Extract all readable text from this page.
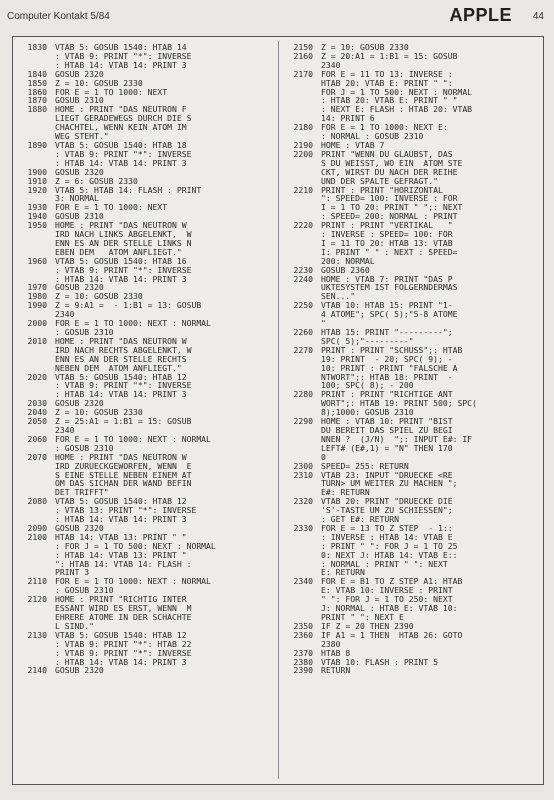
Computer Kontakt 5/84	APPLE 44
1830 VTAB 5: GOSUB 1540: HTAB 14
: VTAB 9: PRINT "*": INVERSE
: HTAB 14: VTAB 14: PRINT 3
1840 GOSUB 2320
1850 Z = 10: GOSUB 2330
1860 FOR E = 1 TO 1000: NEXT
1870 GOSUB 2310
1880 HOME : PRINT "DAS NEUTRON F
LIEGT GERADEWEGS DURCH DIE S
CHACHTEL, WENN KEIN ATOM IM
WEG STEHT."
1890 VTAB 5: GOSUB 1540: HTAB 18
: VTAB 9: PRINT "*": INVERSE
: HTAB 14: VTAB 14: PRINT 3
1900 GOSUB 2320
1910 Z = 6: GOSUB 2330
1920 VTAB 5: HTAB 14: FLASH : PRINT
3: NORMAL
1930 FOR E = 1 TO 1000: NEXT
1940 GOSUB 2310
1950 HOME : PRINT "DAS NEUTRON W
IRD NACH LINKS ABGELENKT,  W
ENN ES AN DER STELLE LINKS N
EBEN DEM   ATOM ANFLIEGT."
1960 VTAB 5: GOSUB 1540: HTAB 16
: VTAB 9: PRINT "*": INVERSE
: HTAB 14: VTAB 14: PRINT 3
1970 GOSUB 2320
1980 Z = 10: GOSUB 2330
1990 Z = 9:A1 =  - 1:B1 = 13: GOSUB
2340
2000 FOR E = 1 TO 1000: NEXT : NORMAL
: GOSUB 2310
2010 HOME : PRINT "DAS NEUTRON W
IRD NACH RECHTS ABGELENKT, W
ENN ES AN DER STELLE RECHTS
NEBEN DEM  ATOM ANFLIEGT."
2020 VTAB 5: GOSUB 1540: HTAB 12
: VTAB 9: PRINT "*": INVERSE
: HTAB 14: VTAB 14: PRINT 3
2030 GOSUB 2320
2040 Z = 10: GOSUB 2330
2050 Z = 25:A1 = 1:B1 = 15: GOSUB
2340
2060 FOR E = 1 TO 1000: NEXT : NORMAL
: GOSUB 2310
2070 HOME : PRINT "DAS NEUTRON W
IRD ZURUECKGEWORFEN, WENN  E
S EINE STELLE NEBEN EINEM AT
OM DAS SICHAN DER WAND BEFIN
DET TRIFFT"
2080 VTAB 5: GOSUB 1540: HTAB 12
: VTAB 13: PRINT "*": INVERSE
: HTAB 14: VTAB 14: PRINT 3
2090 GOSUB 2320
2100 HTAB 14: VTAB 13: PRINT " "
: FOR J = 1 TO 500: NEXT : NORMAL
: HTAB 14: VTAB 13: PRINT "
": HTAB 14: VTAB 14: FLASH :
PRINT 3
2110 FOR E = 1 TO 1000: NEXT : NORMAL
: GOSUB 2310
2120 HOME : PRINT "RICHTIG INTER
ESSANT WIRD ES ERST, WENN  M
EHRERE ATOME IN DER SCHACHTE
L SIND."
2130 VTAB 5: GOSUB 1540: HTAB 12
: VTAB 9: PRINT "*": HTAB 22
: VTAB 9: PRINT "*": INVERSE
: HTAB 14: VTAB 14: PRINT 3
2140 GOSUB 2320
2150 Z = 10: GOSUB 2330
2160 Z = 20:A1 = 1:B1 = 15: GOSUB
2340
2170 FOR E = 11 TO 13: INVERSE :
HTAB 20: VTAB E: PRINT " ":
FOR J = 1 TO 500: NEXT : NORMAL
: HTAB 20: VTAB E: PRINT " "
: NEXT E: FLASH : HTAB 20: VTAB
14: PRINT 6
2180 FOR E = 1 TO 1000: NEXT E:
: NORMAL : GOSUB 2310
2190 HOME : VTAB 7
2200 PRINT "WENN DU GLAUBST, DAS
S DU WEISST, WO EIN  ATOM STE
CKT, WIRST DU NACH DER REIHE
UND DER SPALTE GEFRAGT."
2210 PRINT : PRINT "HORIZONTAL
": SPEED= 100: INVERSE : FOR
I = 1 TO 20: PRINT " ";: NEXT
: SPEED= 200: NORMAL : PRINT
2220 PRINT : PRINT "VERTIKAL   "
: INVERSE : SPEED= 100: FOR
I = 11 TO 20: HTAB 13: VTAB
I: PRINT " " : NEXT : SPEED=
200: NORMAL
2230 GOSUB 2360
2240 HOME : VTAB 7: PRINT "DAS P
UKTESYSTEM IST FOLGERNDERMAS
SEN..."
2250 VTAB 10: HTAB 15: PRINT "1-
4 ATOME"; SPC( 5);"5-8 ATOME
"
2260 HTAB 15: PRINT "---------";
SPC( 5);"---------"
2270 PRINT : PRINT "SCHUSS";: HTAB
19: PRINT  - 20; SPC( 9); -
10: PRINT : PRINT "FALSCHE A
NTWORT";: HTAB 18: PRINT  -
100; SPC( 8); - 200
2280 PRINT : PRINT "RICHTIGE ANT
WORT";: HTAB 19: PRINT 500; SPC(
8);1000: GOSUB 2310
2290 HOME : VTAB 10: PRINT "BIST
DU BEREIT DAS SPIEL ZU BEGI
NNEN ?  (J/N)  ";: INPUT E#: IF
LEFT# (E#,1) = "N" THEN 170
0
2300 SPEED= 255: RETURN
2310 VTAB 23: INPUT "DRUECKE <RE
TURN> UM WEITER ZU MACHEN ";
E#: RETURN
2320 VTAB 20: PRINT "DRUECKE DIE
'S'-TASTE UM ZU SCHIESSEN";
: GET E#: RETURN
2330 FOR E = 13 TO Z STEP  - 1::
: INVERSE : HTAB 14: VTAB E
: PRINT " ": FOR J = 1 TO 25
0: NEXT J: HTAB 14: VTAB E::
: NORMAL : PRINT " ": NEXT
E: RETURN
2340 FOR E = B1 TO Z STEP A1: HTAB
E: VTAB 10: INVERSE : PRINT
" ": FOR J = 1 TO 250: NEXT
J: NORMAL : HTAB E: VTAB 10:
PRINT " ": NEXT E
2350 IF Z = 20 THEN 2390
2360 IF A1 = 1 THEN  HTAB 26: GOTO
2380
2370 HTAB 8
2380 VTAB 10: FLASH : PRINT 5
2390 RETURN
